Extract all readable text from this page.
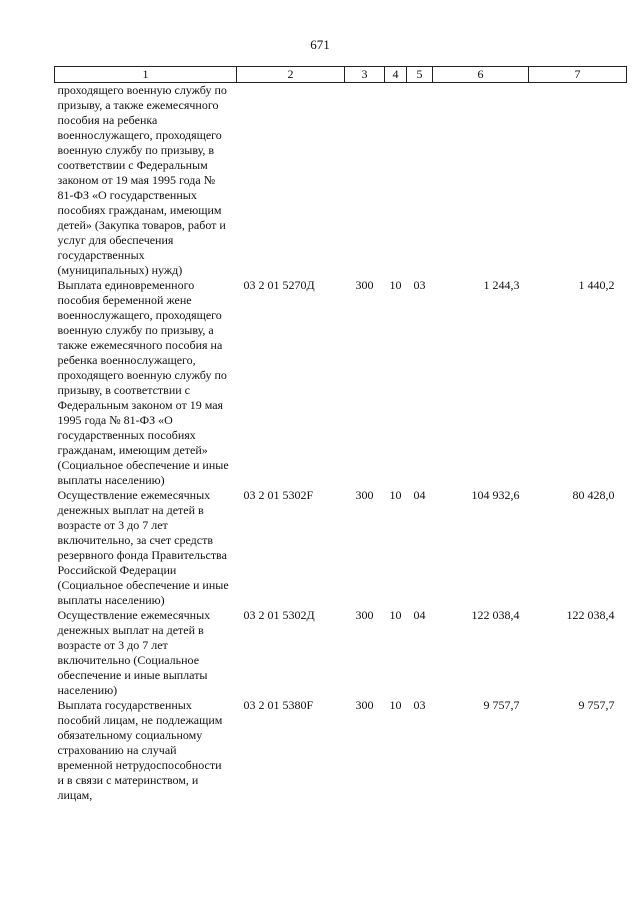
671
1	2	3	4	5	6	7
проходящего военную службу по призыву, а также ежемесячного пособия на ребенка военнослужащего, проходящего военную службу по призыву, в соответствии с Федеральным законом от 19 мая 1995 года № 81-ФЗ «О государственных пособиях гражданам, имеющим детей» (Закупка товаров, работ и услуг для обеспечения государственных (муниципальных) нужд)						
Выплата единовременного пособия беременной жене военнослужащего, проходящего военную службу по призыву, а также ежемесячного пособия на ребенка военнослужащего, проходящего военную службу по призыву, в соответствии с Федеральным законом от 19 мая 1995 года № 81-ФЗ «О государственных пособиях гражданам, имеющим детей» (Социальное обеспечение и иные выплаты населению)	03 2 01 5270Д	300	10	03	1 244,3	1 440,2
Осуществление ежемесячных денежных выплат на детей в возрасте от 3 до 7 лет включительно, за счет средств резервного фонда Правительства Российской Федерации (Социальное обеспечение и иные выплаты населению)	03 2 01 5302F	300	10	04	104 932,6	80 428,0
Осуществление ежемесячных денежных выплат на детей в возрасте от 3 до 7 лет включительно (Социальное обеспечение и иные выплаты населению)	03 2 01 5302Д	300	10	04	122 038,4	122 038,4
Выплата государственных пособий лицам, не подлежащим обязательному социальному страхованию на случай временной нетрудоспособности и в связи с материнством, и лицам,	03 2 01 5380F	300	10	03	9 757,7	9 757,7
